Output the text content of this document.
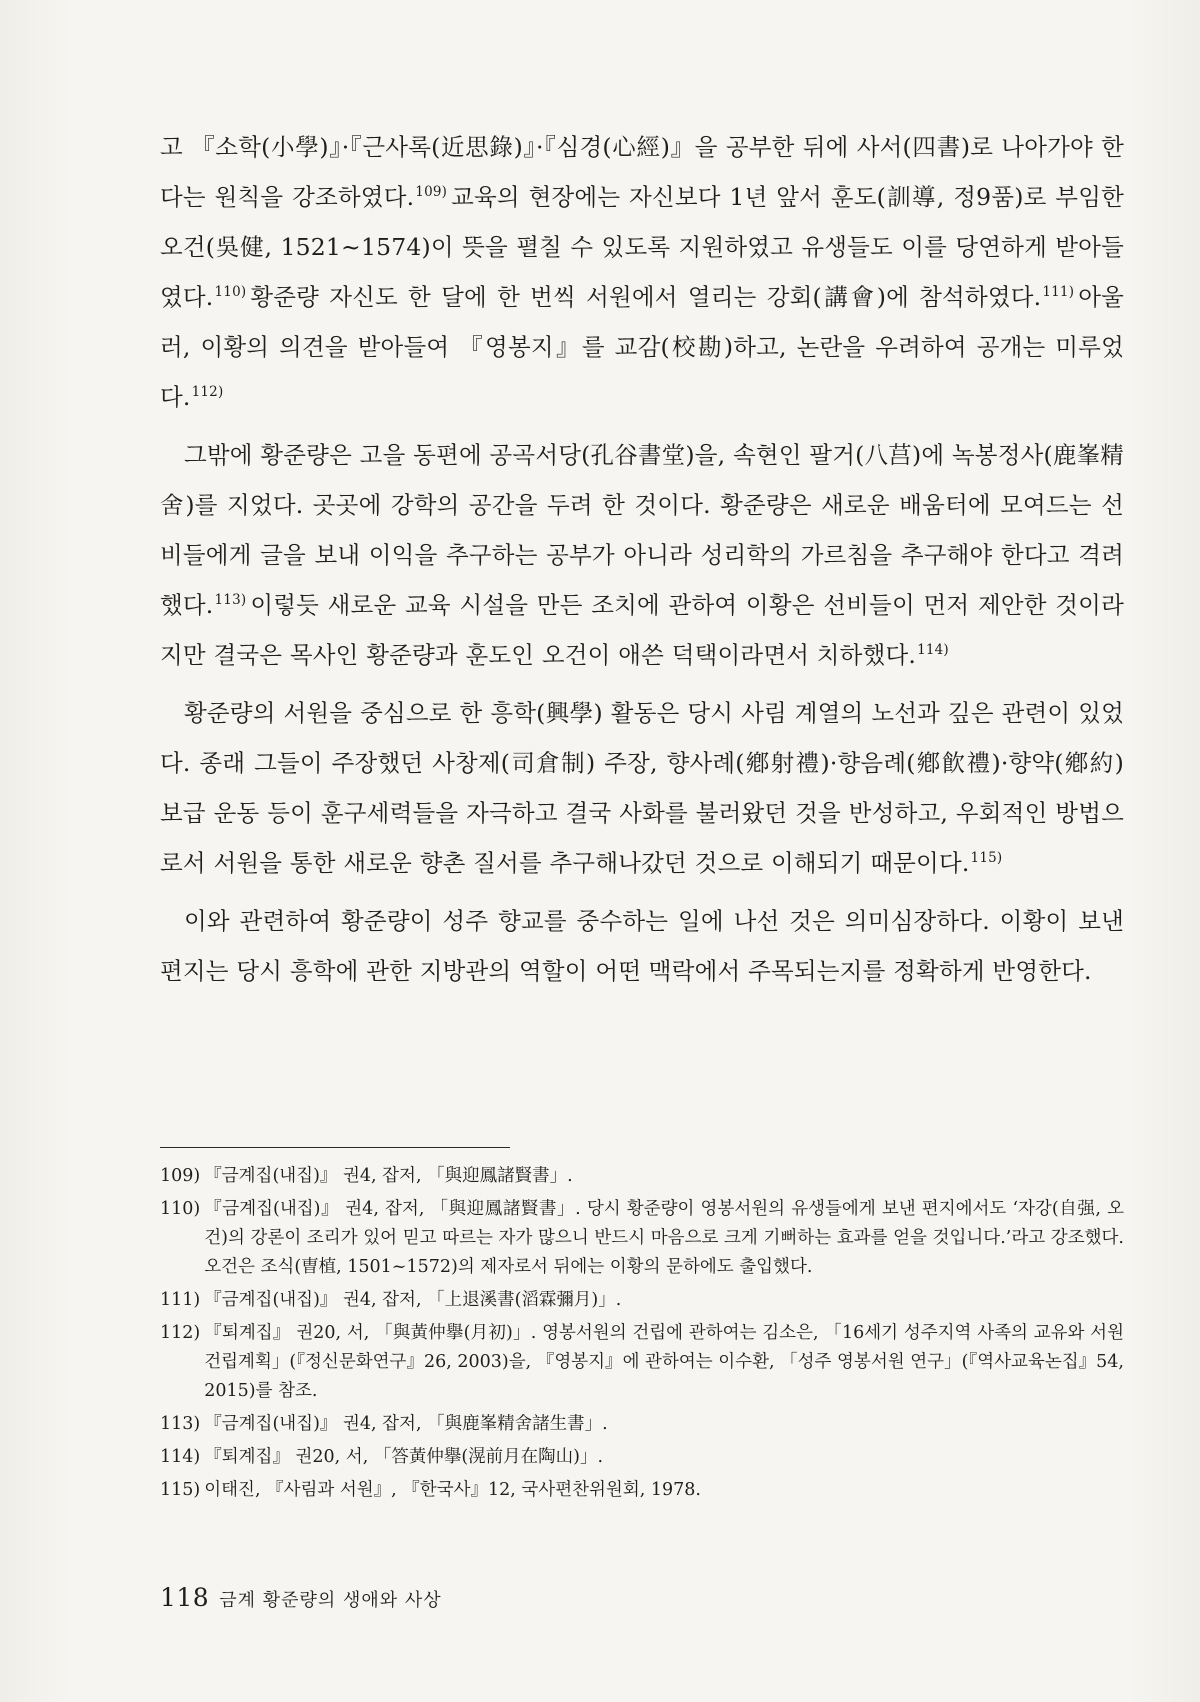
고 『소학(小學)』·『근사록(近思錄)』·『심경(心經)』을 공부한 뒤에 사서(四書)로 나아가야 한다는 원칙을 강조하였다.$^{109)}$ 교육의 현장에는 자신보다 1년 앞서 훈도(訓導, 정9품)로 부임한 오건(吳健, 1521~1574)이 뜻을 펼칠 수 있도록 지원하였고 유생들도 이를 당연하게 받아들였다.$^{110)}$ 황준량 자신도 한 달에 한 번씩 서원에서 열리는 강회(講會)에 참석하였다.$^{111)}$ 아울러, 이황의 의견을 받아들여 『영봉지』를 교감(校勘)하고, 논란을 우려하여 공개는 미루었다.$^{112)}$

그밖에 황준량은 고을 동편에 공곡서당(孔谷書堂)을, 속현인 팔거(八莒)에 녹봉정사(鹿峯精舍)를 지었다. 곳곳에 강학의 공간을 두려 한 것이다. 황준량은 새로운 배움터에 모여드는 선비들에게 글을 보내 이익을 추구하는 공부가 아니라 성리학의 가르침을 추구해야 한다고 격려했다.$^{113)}$ 이렇듯 새로운 교육 시설을 만든 조치에 관하여 이황은 선비들이 먼저 제안한 것이라지만 결국은 목사인 황준량과 훈도인 오건이 애쓴 덕택이라면서 치하했다.$^{114)}$

황준량의 서원을 중심으로 한 흥학(興學) 활동은 당시 사림 계열의 노선과 깊은 관련이 있었다. 종래 그들이 주장했던 사창제(司倉制) 주장, 향사례(鄕射禮)·향음례(鄕飮禮)·향약(鄕約) 보급 운동 등이 훈구세력들을 자극하고 결국 사화를 불러왔던 것을 반성하고, 우회적인 방법으로서 서원을 통한 새로운 향촌 질서를 추구해나갔던 것으로 이해되기 때문이다.$^{115)}$

이와 관련하여 황준량이 성주 향교를 중수하는 일에 나선 것은 의미심장하다. 이황이 보낸 편지는 당시 흥학에 관한 지방관의 역할이 어떤 맥락에서 주목되는지를 정확하게 반영한다.

109) 『금계집(내집)』 권4, 잡저, 「與迎鳳諸賢書」.
110) 『금계집(내집)』 권4, 잡저, 「與迎鳳諸賢書」. 당시 황준량이 영봉서원의 유생들에게 보낸 편지에서도 ‘자강(自强, 오건)의 강론이 조리가 있어 믿고 따르는 자가 많으니 반드시 마음으로 크게 기뻐하는 효과를 얻을 것입니다.’라고 강조했다. 오건은 조식(曺植, 1501~1572)의 제자로서 뒤에는 이황의 문하에도 출입했다.
111) 『금계집(내집)』 권4, 잡저, 「上退溪書(滔霖彌月)」.
112) 『퇴계집』 권20, 서, 「與黃仲擧(月初)」. 영봉서원의 건립에 관하여는 김소은, 「16세기 성주지역 사족의 교유와 서원 건립계획」(『정신문화연구』26, 2003)을, 『영봉지』에 관하여는 이수환, 「성주 영봉서원 연구」(『역사교육논집』54, 2015)를 참조.
113) 『금계집(내집)』 권4, 잡저, 「與鹿峯精舍諸生書」.
114) 『퇴계집』 권20, 서, 「答黃仲擧(滉前月在陶山)」.
115) 이태진, 『사림과 서원』, 『한국사』12, 국사편찬위원회, 1978.
118 금계 황준량의 생애와 사상
